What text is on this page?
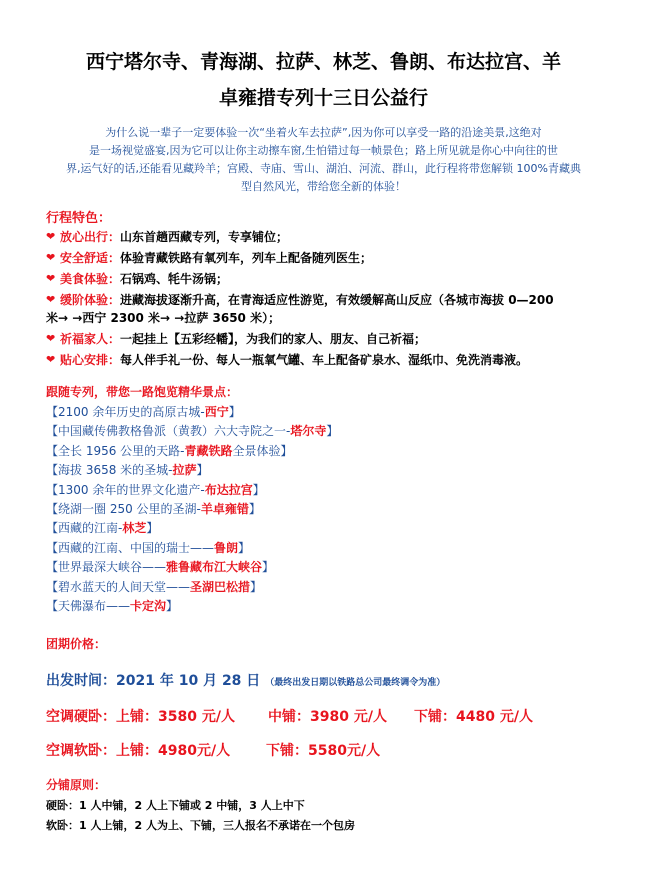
西宁塔尔寺、青海湖、拉萨、林芝、鲁朗、布达拉宫、羊
卓雍措专列十三日公益行
为什么说一辈子一定要体验一次“坐着火车去拉萨”,因为你可以享受一路的沿途美景,这绝对
是一场视觉盛宴,因为它可以让你主动擦车窗,生怕错过每一帧景色；路上所见就是你心中向往的世
界,运气好的话,还能看见藏羚羊；宫殿、寺庙、雪山、湖泊、河流、群山，此行程将带您解锁 100%青藏典
型自然风光，带给您全新的体验！
行程特色：
❤ 放心出行：山东首趟西藏专列，专享铺位；
❤ 安全舒适：体验青藏铁路有氧列车，列车上配备随列医生；
❤ 美食体验：石锅鸡、牦牛汤锅；
❤ 缓阶体验：进藏海拔逐渐升高，在青海适应性游览，有效缓解高山反应（各城市海拔 0—200
米→ →西宁 2300 米→ →拉萨 3650 米）；
❤ 祈福家人：一起挂上【五彩经幡】，为我们的家人、朋友、自己祈福；
❤ 贴心安排：每人伴手礼一份、每人一瓶氧气罐、车上配备矿泉水、湿纸巾、免洗消毒液。
跟随专列，带您一路饱览精华景点：
【2100 余年历史的高原古城-西宁】
【中国藏传佛教格鲁派（黄教）六大寺院之一-塔尔寺】
【全长 1956 公里的天路-青藏铁路全景体验】
【海拔 3658 米的圣城-拉萨】
【1300 余年的世界文化遗产-布达拉宫】
【绕湖一圈 250 公里的圣湖-羊卓雍错】
【西藏的江南-林芝】
【西藏的江南、中国的瑞士——鲁朗】
【世界最深大峡谷——雅鲁藏布江大峡谷】
【碧水蓝天的人间天堂——圣湖巴松措】
【天佛瀑布——卡定沟】
团期价格：
出发时间：2021 年 10 月 28 日 （最终出发日期以铁路总公司最终调令为准）
空调硬卧：上铺：3580 元/人 中铺：3980 元/人 下铺：4480 元/人
空调软卧：上铺：4980元/人	下铺：5580元/人
分铺原则：
硬卧：1 人中铺，2 人上下铺或 2 中铺，3 人上中下
软卧：1 人上铺，2 人为上、下铺，三人报名不承诺在一个包房
